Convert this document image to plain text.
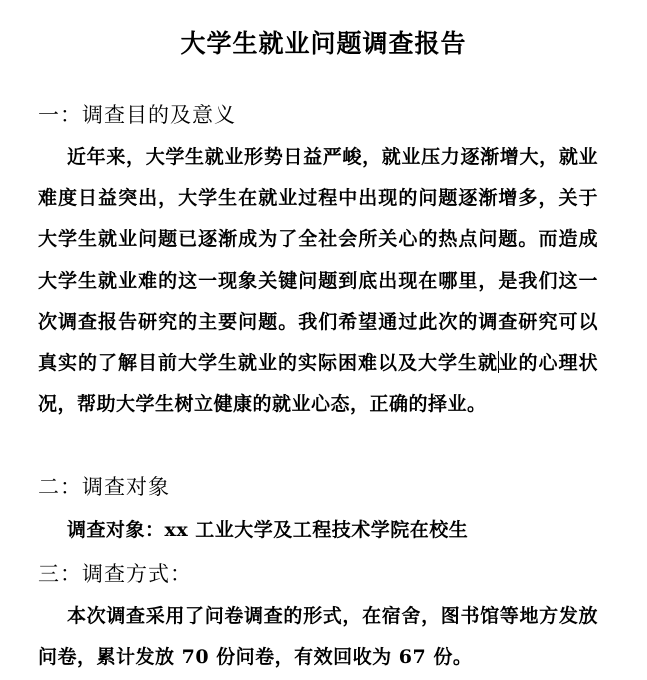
大学生就业问题调查报告
一：调查目的及意义
近年来，大学生就业形势日益严峻，就业压力逐渐增大，就业难度日益突出，大学生在就业过程中出现的问题逐渐增多，关于大学生就业问题已逐渐成为了全社会所关心的热点问题。而造成大学生就业难的这一现象关键问题到底出现在哪里，是我们这一次调查报告研究的主要问题。我们希望通过此次的调查研究可以真实的了解目前大学生就业的实际困难以及大学生就业的心理状况，帮助大学生树立健康的就业心态，正确的择业。
二：调查对象
调查对象：xx 工业大学及工程技术学院在校生
三：调查方式：
本次调查采用了问卷调查的形式，在宿舍，图书馆等地方发放问卷，累计发放 70 份问卷，有效回收为 67 份。
